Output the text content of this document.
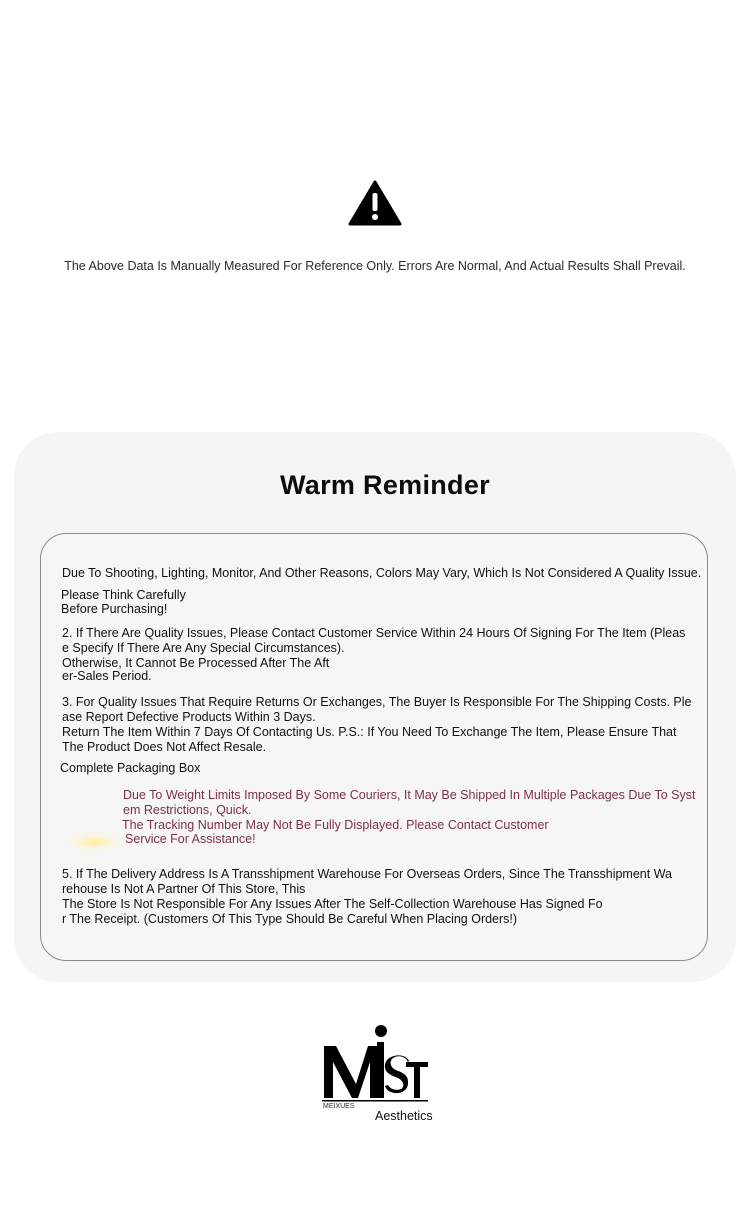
The Above Data Is Manually Measured For Reference Only. Errors Are Normal, And Actual Results Shall Prevail.
Warm Reminder
Due To Shooting, Lighting, Monitor, And Other Reasons, Colors May Vary, Which Is Not Considered A Quality Issue.
Please Think Carefully
Before Purchasing!
2. If There Are Quality Issues, Please Contact Customer Service Within 24 Hours Of Signing For The Item (Pleas
e Specify If There Are Any Special Circumstances).
Otherwise, It Cannot Be Processed After The Aft
er-Sales Period.
3. For Quality Issues That Require Returns Or Exchanges, The Buyer Is Responsible For The Shipping Costs. Ple
ase Report Defective Products Within 3 Days.
Return The Item Within 7 Days Of Contacting Us. P.S.: If You Need To Exchange The Item, Please Ensure That
The Product Does Not Affect Resale.
Complete Packaging Box
Due To Weight Limits Imposed By Some Couriers, It May Be Shipped In Multiple Packages Due To Syst
em Restrictions, Quick.
The Tracking Number May Not Be Fully Displayed. Please Contact Customer
Service For Assistance!
5. If The Delivery Address Is A Transshipment Warehouse For Overseas Orders, Since The Transshipment Wa
rehouse Is Not A Partner Of This Store, This
The Store Is Not Responsible For Any Issues After The Self-Collection Warehouse Has Signed Fo
r The Receipt. (Customers Of This Type Should Be Careful When Placing Orders!)
MEIXUES
Aesthetics
